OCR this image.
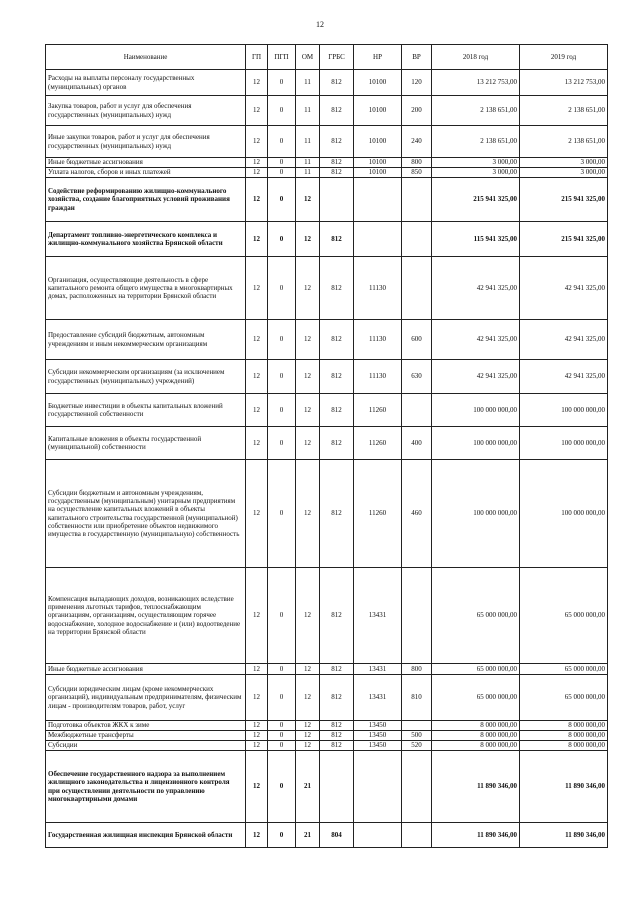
12
Наименование	ГП	ПГП	ОМ	ГРБС	НР	ВР	2018 год	2019 год
Расходы на выплаты персоналу государственных (муниципальных) органов	12	0	11	812	10100	120	13 212 753,00	13 212 753,00
Закупка товаров, работ и услуг для обеспечения государственных (муниципальных) нужд	12	0	11	812	10100	200	2 138 651,00	2 138 651,00
Иные закупки товаров, работ и услуг для обеспечения государственных (муниципальных) нужд	12	0	11	812	10100	240	2 138 651,00	2 138 651,00
Иные бюджетные ассигнования	12	0	11	812	10100	800	3 000,00	3 000,00
Уплата налогов, сборов и иных платежей	12	0	11	812	10100	850	3 000,00	3 000,00
Содействие реформированию жилищно-коммунального хозяйства, создание благоприятных условий проживания граждан	12	0	12				215 941 325,00	215 941 325,00
Департамент топливно-энергетического комплекса и жилищно-коммунального хозяйства Брянской области	12	0	12	812			115 941 325,00	215 941 325,00
Организация, осуществляющие деятельность в сфере капитального ремонта общего имущества в многоквартирных домах, расположенных на территории Брянской области	12	0	12	812	11130		42 941 325,00	42 941 325,00
Предоставление субсидий бюджетным, автономным учреждениям и иным некоммерческим организациям	12	0	12	812	11130	600	42 941 325,00	42 941 325,00
Субсидии некоммерческим организациям (за исключением государственных (муниципальных) учреждений)	12	0	12	812	11130	630	42 941 325,00	42 941 325,00
Бюджетные инвестиции в объекты капитальных вложений государственной собственности	12	0	12	812	11260		100 000 000,00	100 000 000,00
Капитальные вложения в объекты государственной (муниципальной) собственности	12	0	12	812	11260	400	100 000 000,00	100 000 000,00
Субсидии бюджетным и автономным учреждениям, государственным (муниципальным) унитарным предприятиям на осуществление капитальных вложений в объекты капитального строительства государственной (муниципальной) собственности или приобретение объектов недвижимого имущества в государственную (муниципальную) собственность	12	0	12	812	11260	460	100 000 000,00	100 000 000,00
Компенсация выпадающих доходов, возникающих вследствие применения льготных тарифов, теплоснабжающим организациям, организациям, осуществляющим горячее водоснабжение, холодное водоснабжение и (или) водоотведение на территории Брянской области	12	0	12	812	13431		65 000 000,00	65 000 000,00
Иные бюджетные ассигнования	12	0	12	812	13431	800	65 000 000,00	65 000 000,00
Субсидии юридическим лицам (кроме некоммерческих организаций), индивидуальным предпринимателям, физическим лицам - производителям товаров, работ, услуг	12	0	12	812	13431	810	65 000 000,00	65 000 000,00
Подготовка объектов ЖКХ к зиме	12	0	12	812	13450		8 000 000,00	8 000 000,00
Межбюджетные трансферты	12	0	12	812	13450	500	8 000 000,00	8 000 000,00
Субсидии	12	0	12	812	13450	520	8 000 000,00	8 000 000,00
Обеспечение государственного надзора за выполнением жилищного законодательства и лицензионного контроля при осуществлении деятельности по управлению многоквартирными домами	12	0	21				11 890 346,00	11 890 346,00
Государственная жилищная инспекция Брянской области	12	0	21	804			11 890 346,00	11 890 346,00
